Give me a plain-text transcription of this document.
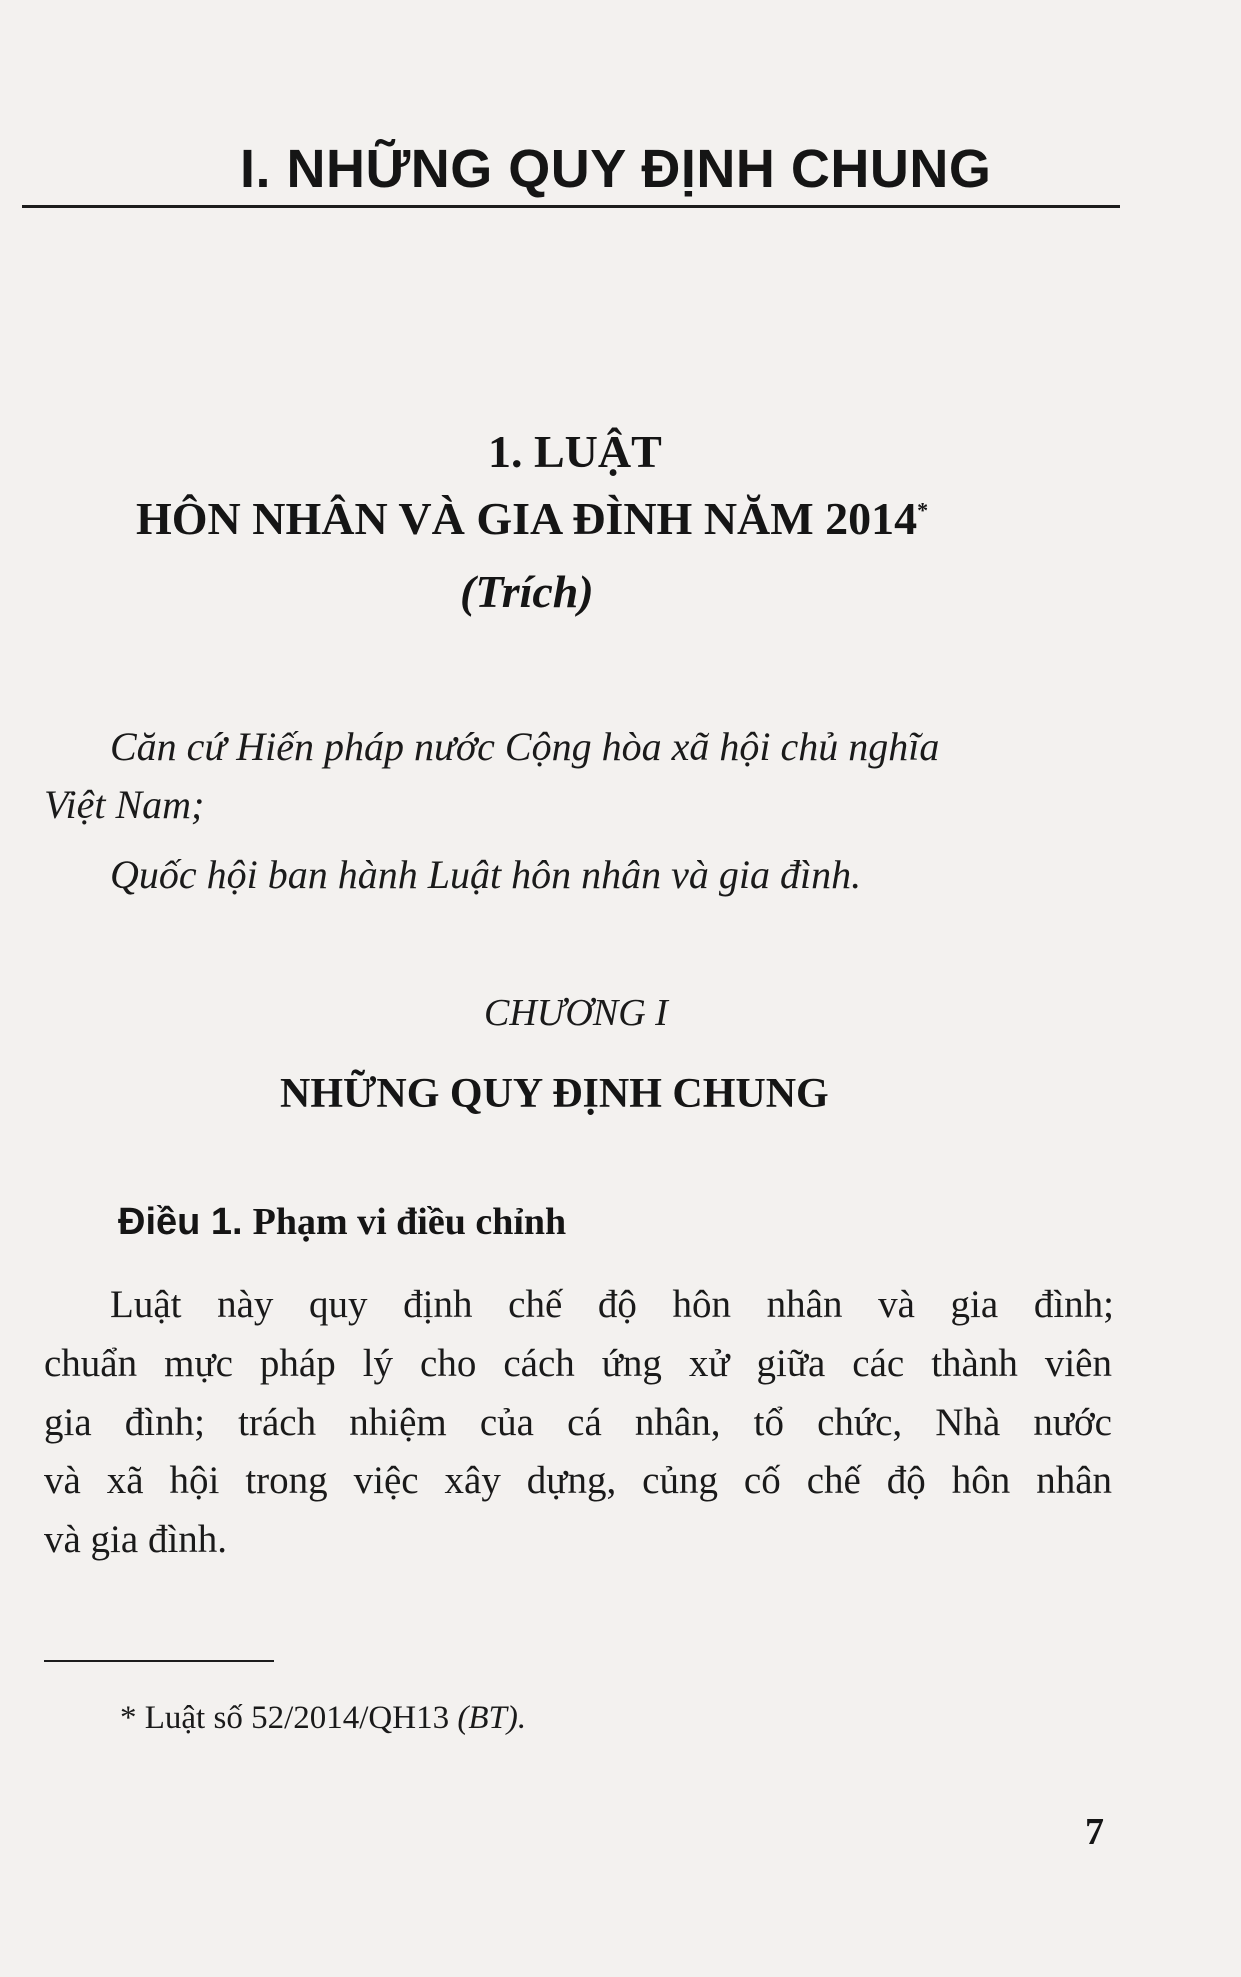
I. NHỮNG QUY ĐỊNH CHUNG
1. LUẬT
HÔN NHÂN VÀ GIA ĐÌNH NĂM 2014*
(Trích)
Căn cứ Hiến pháp nước Cộng hòa xã hội chủ nghĩa
Việt Nam;
Quốc hội ban hành Luật hôn nhân và gia đình.
CHƯƠNG I
NHỮNG QUY ĐỊNH CHUNG
Điều 1. Phạm vi điều chỉnh
Luật này quy định chế độ hôn nhân và gia đình;
chuẩn mực pháp lý cho cách ứng xử giữa các thành viên
gia đình; trách nhiệm của cá nhân, tổ chức, Nhà nước
và xã hội trong việc xây dựng, củng cố chế độ hôn nhân
và gia đình.
* Luật số 52/2014/QH13 (BT).
7
